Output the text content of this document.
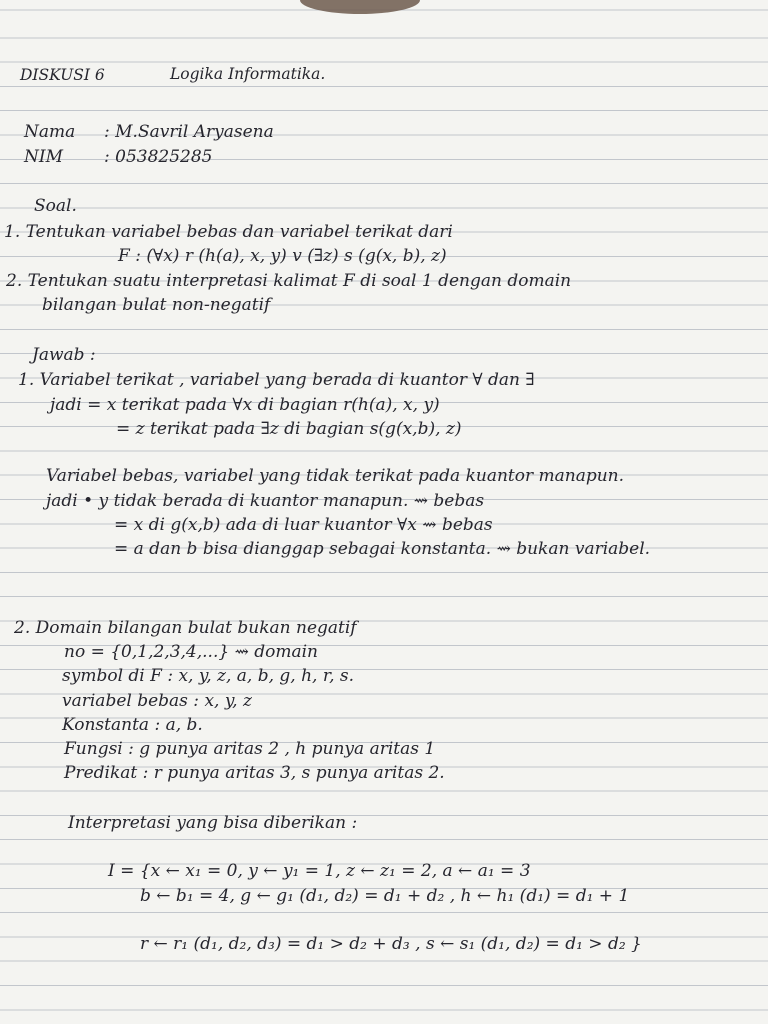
DISKUSI 6	Logika Informatika.
Nama : M.Savril Aryasena
NIM : 053825285
Soal.
1. Tentukan variabel bebas dan variabel terikat dari
F : (∀x) r (h(a), x, y) v (∃z) s (g(x, b), z)
2. Tentukan suatu interpretasi kalimat F di soal 1 dengan domain
bilangan bulat non-negatif
Jawab :
1. Variabel terikat , variabel yang berada di kuantor ∀ dan ∃
jadi = x terikat pada ∀x di bagian r(h(a), x, y)
= z terikat pada ∃z di bagian s(g(x,b), z)
Variabel bebas, variabel yang tidak terikat pada kuantor manapun.
jadi • y tidak berada di kuantor manapun. ⇝ bebas
= x di g(x,b) ada di luar kuantor ∀x ⇝ bebas
= a dan b bisa dianggap sebagai konstanta. ⇝ bukan variabel.
2. Domain bilangan bulat bukan negatif
no = {0,1,2,3,4,...} ⇝ domain
symbol di F : x, y, z, a, b, g, h, r, s.
variabel bebas : x, y, z
Konstanta : a, b.
Fungsi : g punya aritas 2 , h punya aritas 1
Predikat : r punya aritas 3, s punya aritas 2.
Interpretasi yang bisa diberikan :
I = {x ← x₁ = 0, y ← y₁ = 1, z ← z₁ = 2, a ← a₁ = 3
b ← b₁ = 4, g ← g₁ (d₁, d₂) = d₁ + d₂ , h ← h₁ (d₁) = d₁ + 1
r ← r₁ (d₁, d₂, d₃) = d₁ > d₂ + d₃ , s ← s₁ (d₁, d₂) = d₁ > d₂ }
